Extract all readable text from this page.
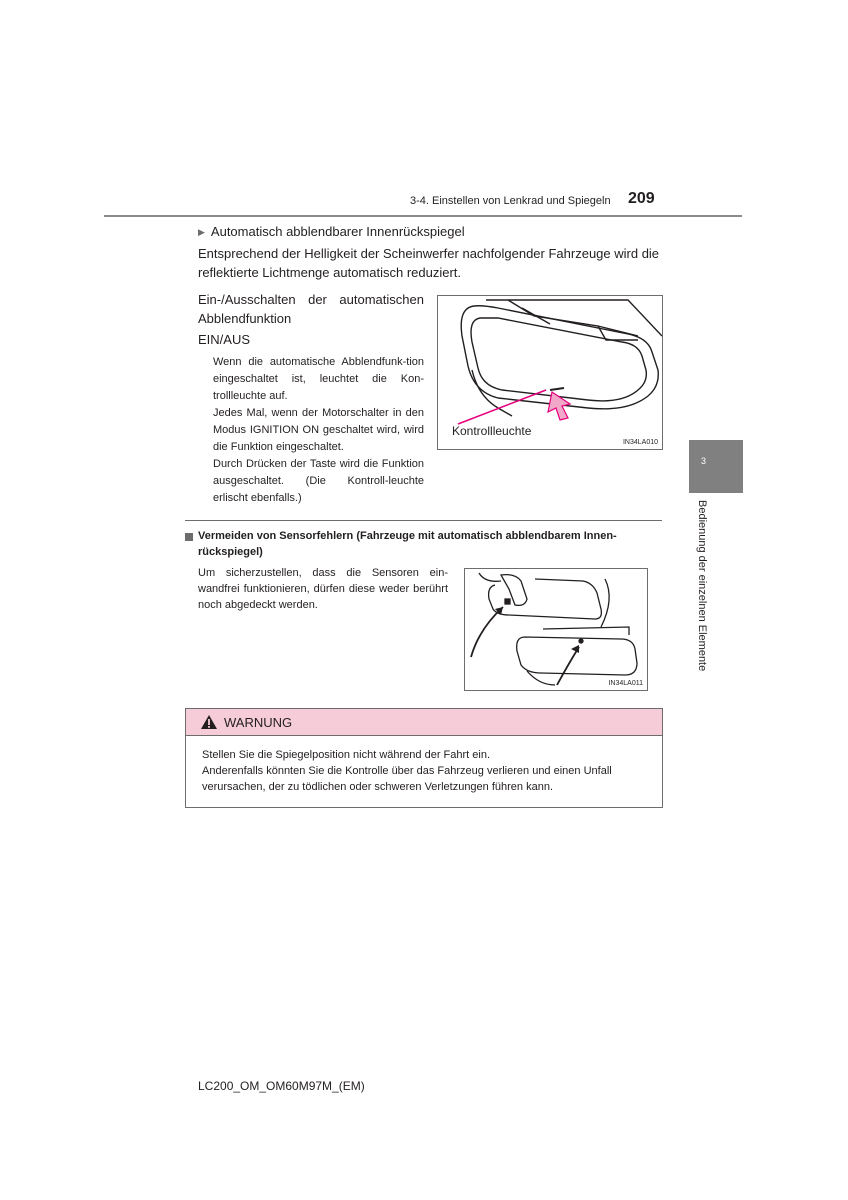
3-4. Einstellen von Lenkrad und Spiegeln 209
▶ Automatisch abblendbarer Innenrückspiegel
Entsprechend der Helligkeit der Scheinwerfer nachfolgender Fahrzeuge wird die reflektierte Lichtmenge automatisch reduziert.
Ein-/Ausschalten der automatischen
Abblendfunktion
EIN/AUS
Wenn die automatische Abblendfunk-tion eingeschaltet ist, leuchtet die Kon-trollleuchte auf.
Jedes Mal, wenn der Motorschalter in den Modus IGNITION ON geschaltet wird, wird die Funktion eingeschaltet.
Durch Drücken der Taste wird die Funktion ausgeschaltet. (Die Kontroll-leuchte erlischt ebenfalls.)
Kontrollleuchte
IN34LA010
Vermeiden von Sensorfehlern (Fahrzeuge mit automatisch abblendbarem Innen-rückspiegel)
Um sicherzustellen, dass die Sensoren ein-wandfrei funktionieren, dürfen diese weder berührt noch abgedeckt werden.
IN34LA011
WARNUNG
Stellen Sie die Spiegelposition nicht während der Fahrt ein.
Anderenfalls könnten Sie die Kontrolle über das Fahrzeug verlieren und einen Unfall verursachen, der zu tödlichen oder schweren Verletzungen führen kann.
3
Bedienung der einzelnen Elemente
LC200_OM_OM60M97M_(EM)
